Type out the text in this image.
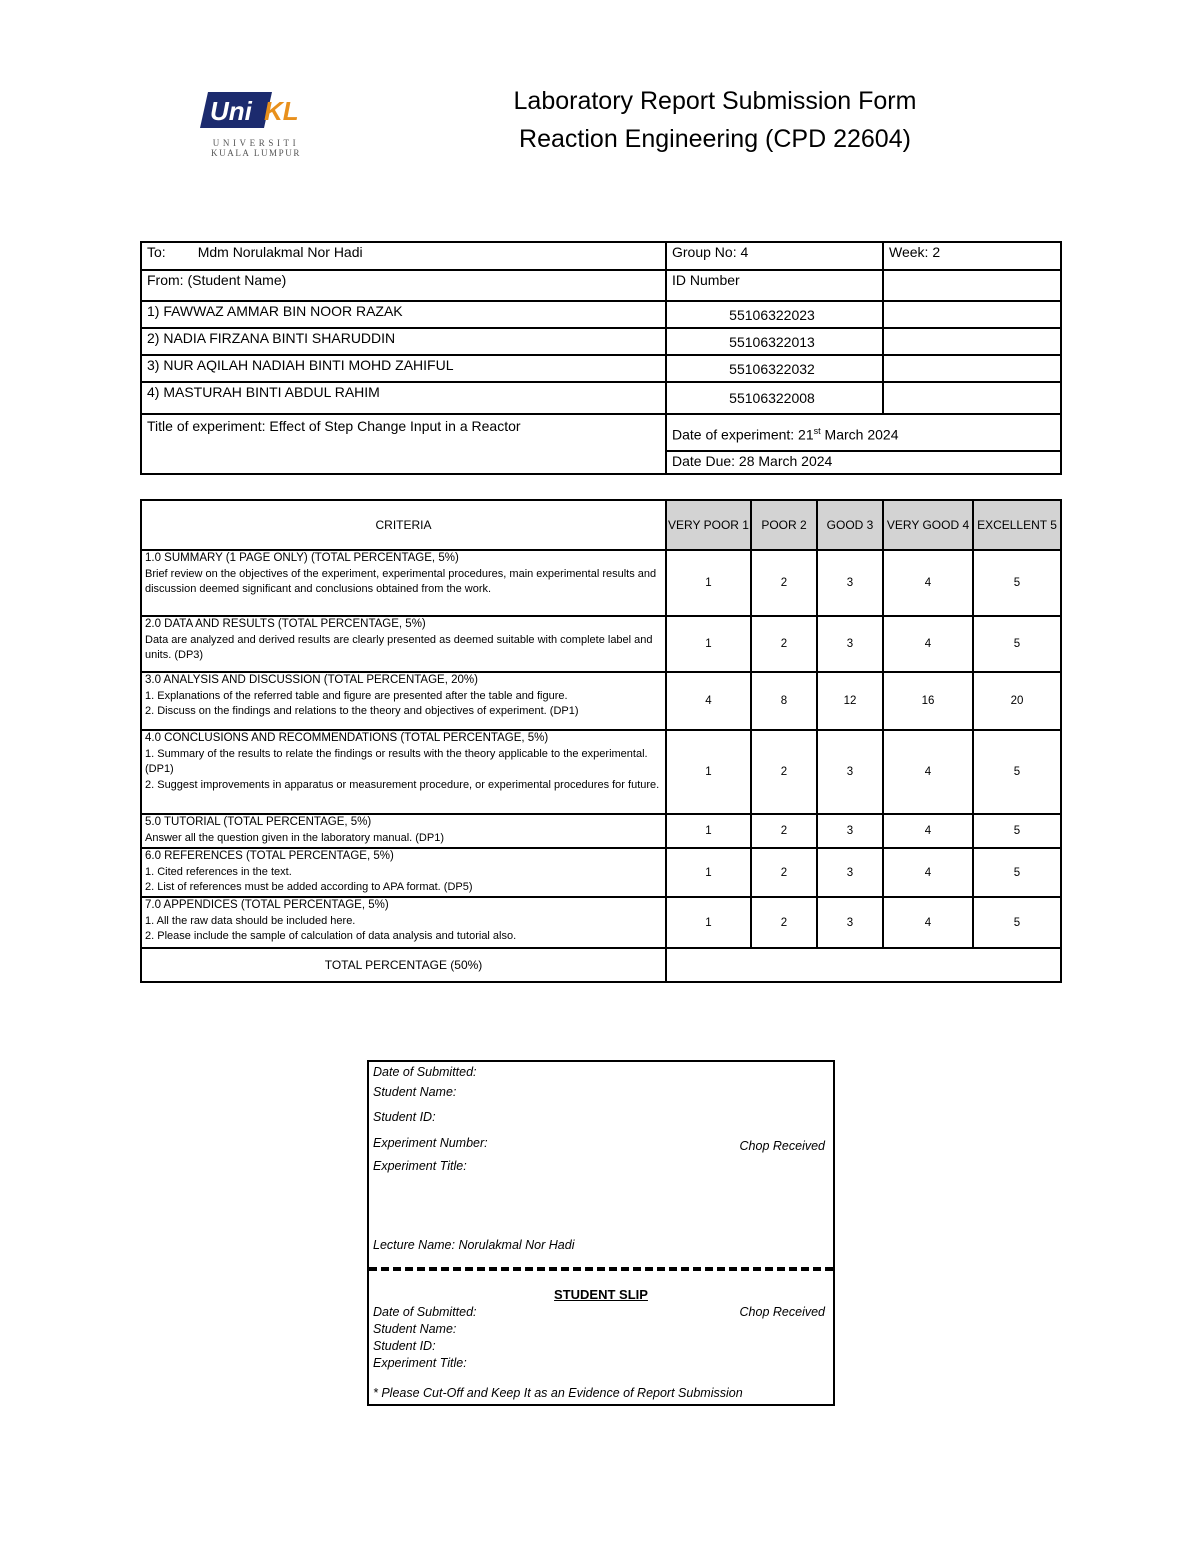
Uni KL
UNIVERSITI
KUALA LUMPUR
Laboratory Report Submission Form
Reaction Engineering (CPD 22604)
To: Mdm Norulakmal Nor Hadi	Group No: 4	Week: 2
From: (Student Name)	ID Number	
1) FAWWAZ AMMAR BIN NOOR RAZAK	55106322023	
2) NADIA FIRZANA BINTI SHARUDDIN	55106322013	
3) NUR AQILAH NADIAH BINTI MOHD ZAHIFUL	55106322032	
4) MASTURAH BINTI ABDUL RAHIM	55106322008	
Title of experiment: Effect of Step Change Input in a Reactor	Date of experiment: 21st March 2024	
	Date Due: 28 March 2024	
CRITERIA	VERY POOR 1	POOR 2	GOOD 3	VERY GOOD 4	EXCELLENT 5

1.0 SUMMARY (1 PAGE ONLY) (TOTAL PERCENTAGE, 5%)
Brief review on the objectives of the experiment, experimental procedures, main experimental results and discussion deemed significant and conclusions obtained from the work.	1	2	3	4	5

2.0 DATA AND RESULTS (TOTAL PERCENTAGE, 5%)
Data are analyzed and derived results are clearly presented as deemed suitable with complete label and units. (DP3)	1	2	3	4	5

3.0 ANALYSIS AND DISCUSSION (TOTAL PERCENTAGE, 20%)
1. Explanations of the referred table and figure are presented after the table and figure.
2. Discuss on the findings and relations to the theory and objectives of experiment. (DP1)	4	8	12	16	20

4.0 CONCLUSIONS AND RECOMMENDATIONS (TOTAL PERCENTAGE, 5%)
1. Summary of the results to relate the findings or results with the theory applicable to the experimental. (DP1)
2. Suggest improvements in apparatus or measurement procedure, or experimental procedures for future.	1	2	3	4	5

5.0 TUTORIAL (TOTAL PERCENTAGE, 5%)
Answer all the question given in the laboratory manual. (DP1)	1	2	3	4	5

6.0 REFERENCES (TOTAL PERCENTAGE, 5%)
1. Cited references in the text.
2. List of references must be added according to APA format. (DP5)	1	2	3	4	5

7.0 APPENDICES (TOTAL PERCENTAGE, 5%)
1. All the raw data should be included here.
2. Please include the sample of calculation of data analysis and tutorial also.	1	2	3	4	5
TOTAL PERCENTAGE (50%)					
Date of Submitted:
Student Name:
Student ID:
Experiment Number:	Chop Received
Experiment Title:
Lecture Name: Norulakmal Nor Hadi
STUDENT SLIP
Date of Submitted:	Chop Received
Student Name:
Student ID:
Experiment Title:
* Please Cut-Off and Keep It as an Evidence of Report Submission
